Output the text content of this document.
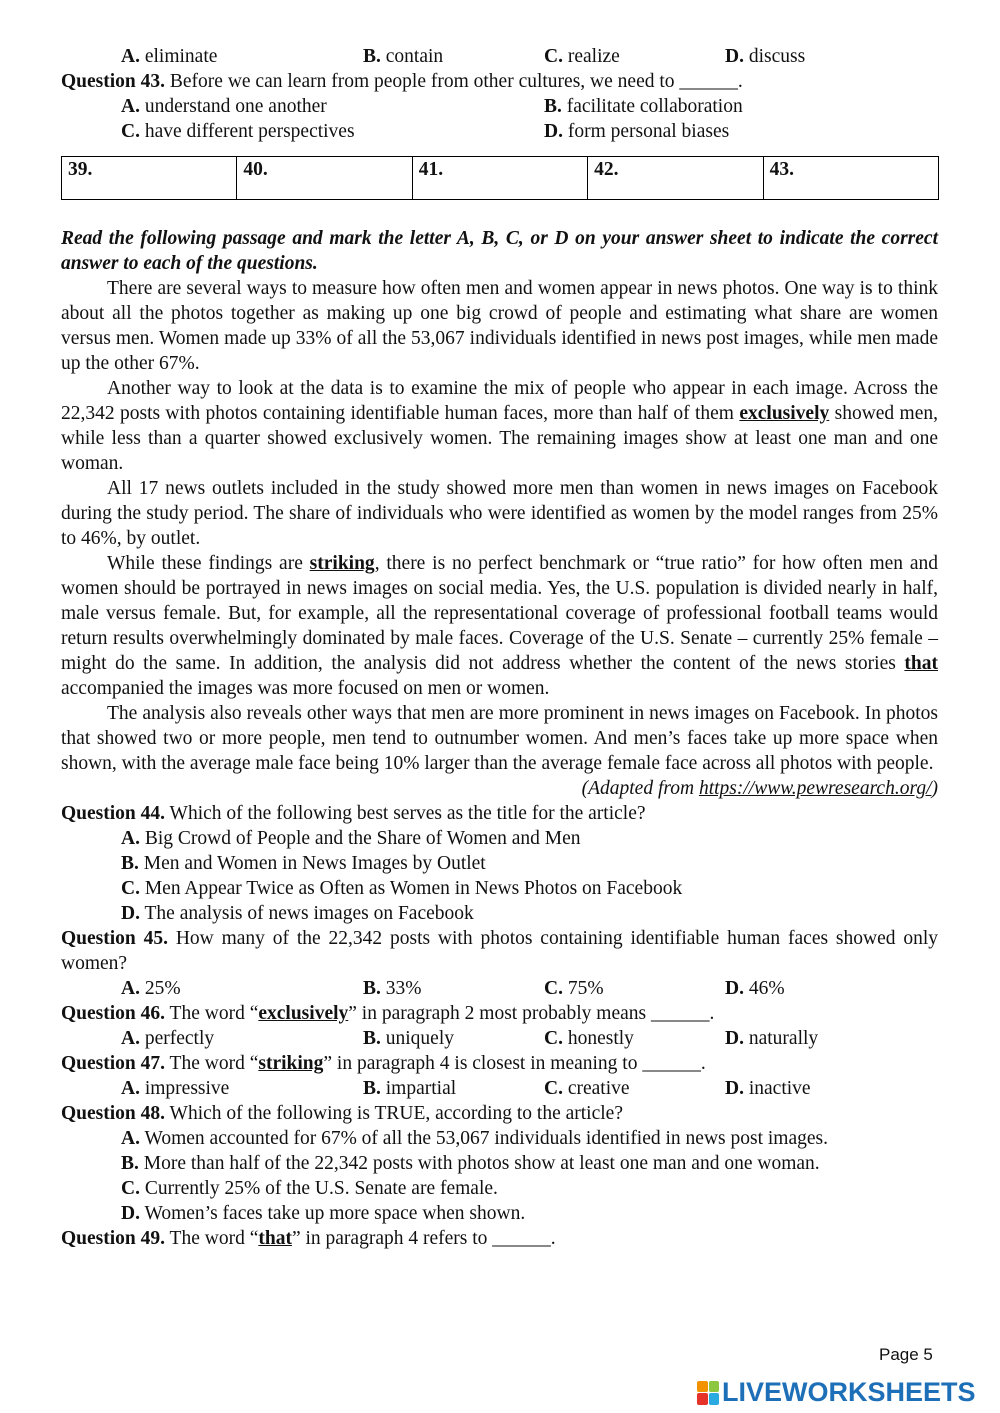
A. eliminate	B. contain	C. realize	D. discuss
Question 43. Before we can learn from people from other cultures, we need to ______.
A. understand one another	B. facilitate collaboration
C. have different perspectives	D. form personal biases
39.	40.	41.	42.	43.
Read the following passage and mark the letter A, B, C, or D on your answer sheet to indicate the correct answer to each of the questions.

There are several ways to measure how often men and women appear in news photos. One way is to think about all the photos together as making up one big crowd of people and estimating what share are women versus men. Women made up 33% of all the 53,067 individuals identified in news post images, while men made up the other 67%.

Another way to look at the data is to examine the mix of people who appear in each image. Across the 22,342 posts with photos containing identifiable human faces, more than half of them exclusively showed men, while less than a quarter showed exclusively women. The remaining images show at least one man and one woman.

All 17 news outlets included in the study showed more men than women in news images on Facebook during the study period. The share of individuals who were identified as women by the model ranges from 25% to 46%, by outlet.

While these findings are striking, there is no perfect benchmark or “true ratio” for how often men and women should be portrayed in news images on social media. Yes, the U.S. population is divided nearly in half, male versus female. But, for example, all the representational coverage of professional football teams would return results overwhelmingly dominated by male faces. Coverage of the U.S. Senate – currently 25% female – might do the same. In addition, the analysis did not address whether the content of the news stories that accompanied the images was more focused on men or women.

The analysis also reveals other ways that men are more prominent in news images on Facebook. In photos that showed two or more people, men tend to outnumber women. And men’s faces take up more space when shown, with the average male face being 10% larger than the average female face across all photos with people.

(Adapted from https://www.pewresearch.org/)
Question 44. Which of the following best serves as the title for the article?
A. Big Crowd of People and the Share of Women and Men
B. Men and Women in News Images by Outlet
C. Men Appear Twice as Often as Women in News Photos on Facebook
D. The analysis of news images on Facebook
Question 45. How many of the 22,342 posts with photos containing identifiable human faces showed only women?
A. 25%	B. 33%	C. 75%	D. 46%
Question 46. The word “exclusively” in paragraph 2 most probably means ______.
A. perfectly	B. uniquely	C. honestly	D. naturally
Question 47. The word “striking” in paragraph 4 is closest in meaning to ______.
A. impressive	B. impartial	C. creative	D. inactive
Question 48. Which of the following is TRUE, according to the article?
A. Women accounted for 67% of all the 53,067 individuals identified in news post images.
B. More than half of the 22,342 posts with photos show at least one man and one woman.
C. Currently 25% of the U.S. Senate are female.
D. Women’s faces take up more space when shown.
Question 49. The word “that” in paragraph 4 refers to ______.
Page 5
LIVEWORKSHEETS
